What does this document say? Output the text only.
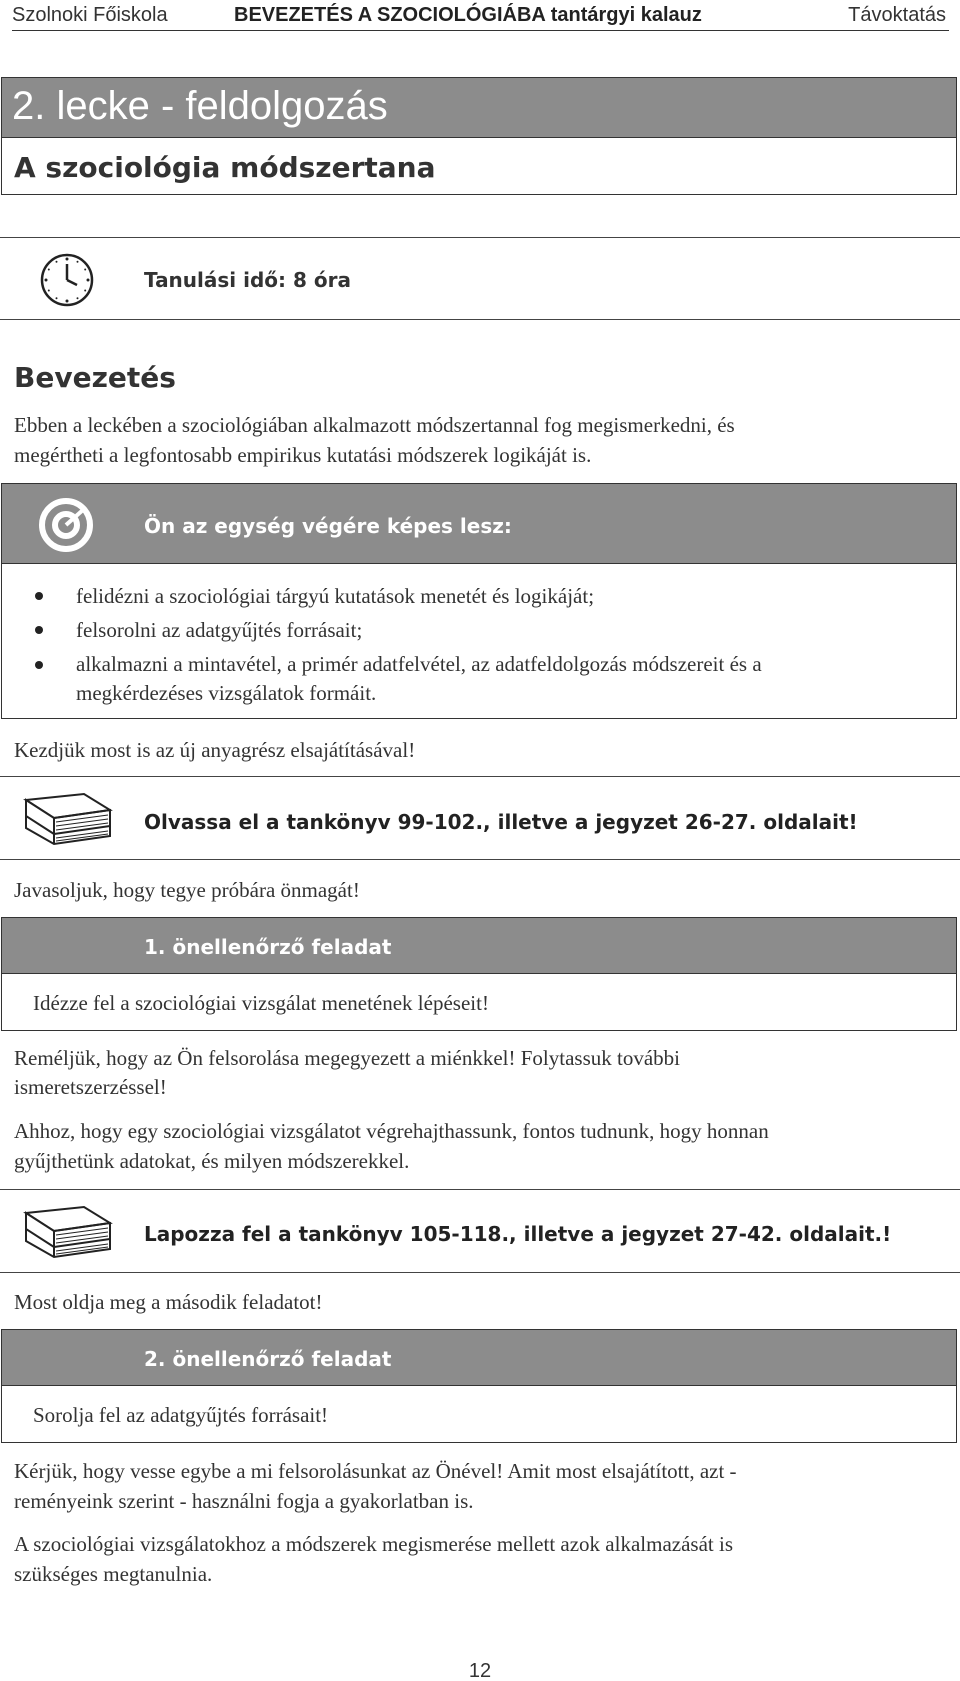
Szolnoki Főiskola	BEVEZETÉS A SZOCIOLÓGIÁBA tantárgyi kalauz	Távoktatás
2. lecke - feldolgozás
A szociológia módszertana
Tanulási idő: 8 óra
Bevezetés
Ebben a leckében a szociológiában alkalmazott módszertannal fog megismerkedni, és
megértheti a legfontosabb empirikus kutatási módszerek logikáját is.
Ön az egység végére képes lesz:
felidézni a szociológiai tárgyú kutatások menetét és logikáját;
felsorolni az adatgyűjtés forrásait;
alkalmazni a mintavétel, a primér adatfelvétel, az adatfeldolgozás módszereit és a
megkérdezéses vizsgálatok formáit.
Kezdjük most is az új anyagrész elsajátításával!
Olvassa el a tankönyv 99-102., illetve a jegyzet 26-27. oldalait!
Javasoljuk, hogy tegye próbára önmagát!
1. önellenőrző feladat
Idézze fel a szociológiai vizsgálat menetének lépéseit!
Reméljük, hogy az Ön felsorolása megegyezett a miénkkel! Folytassuk további
ismeretszerzéssel!
Ahhoz, hogy egy szociológiai vizsgálatot végrehajthassunk, fontos tudnunk, hogy honnan
gyűjthetünk adatokat, és milyen módszerekkel.
Lapozza fel a tankönyv 105-118., illetve a jegyzet 27-42. oldalait.!
Most oldja meg a második feladatot!
2. önellenőrző feladat
Sorolja fel az adatgyűjtés forrásait!
Kérjük, hogy vesse egybe a mi felsorolásunkat az Önével! Amit most elsajátított, azt -
reményeink szerint - használni fogja a gyakorlatban is.
A szociológiai vizsgálatokhoz a módszerek megismerése mellett azok alkalmazását is
szükséges megtanulnia.
12
